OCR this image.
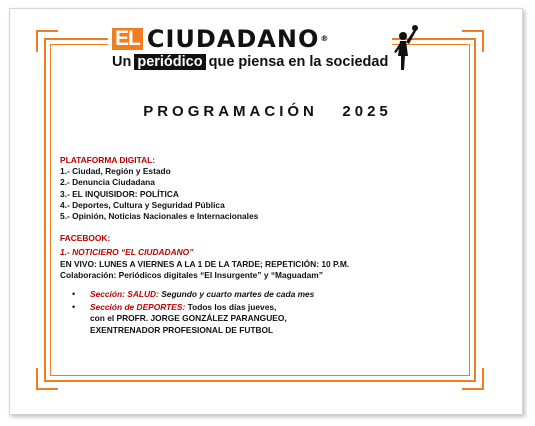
EL CIUDADANO®
Un periódico que piensa en la sociedad
PROGRAMACIÓN   2025
PLATAFORMA DIGITAL:
1.- Ciudad, Región y Estado
2.- Denuncia Ciudadana
3.- EL INQUISIDOR: POLÍTICA
4.- Deportes, Cultura y Seguridad Pública
5.- Opinión, Noticias Nacionales e Internacionales
FACEBOOK:
1.- NOTICIERO “EL CIUDADANO”
EN VIVO: LUNES A VIERNES A LA 1 DE LA TARDE; REPETICIÓN: 10 P.M.
Colaboración: Periódicos digitales “El Insurgente” y “Maguadam”
• Sección: SALUD: Segundo y cuarto martes de cada mes
• Sección de DEPORTES: Todos los días jueves,
con el PROFR. JORGE GONZÁLEZ PARANGUEO,
EXENTRENADOR PROFESIONAL DE FUTBOL
